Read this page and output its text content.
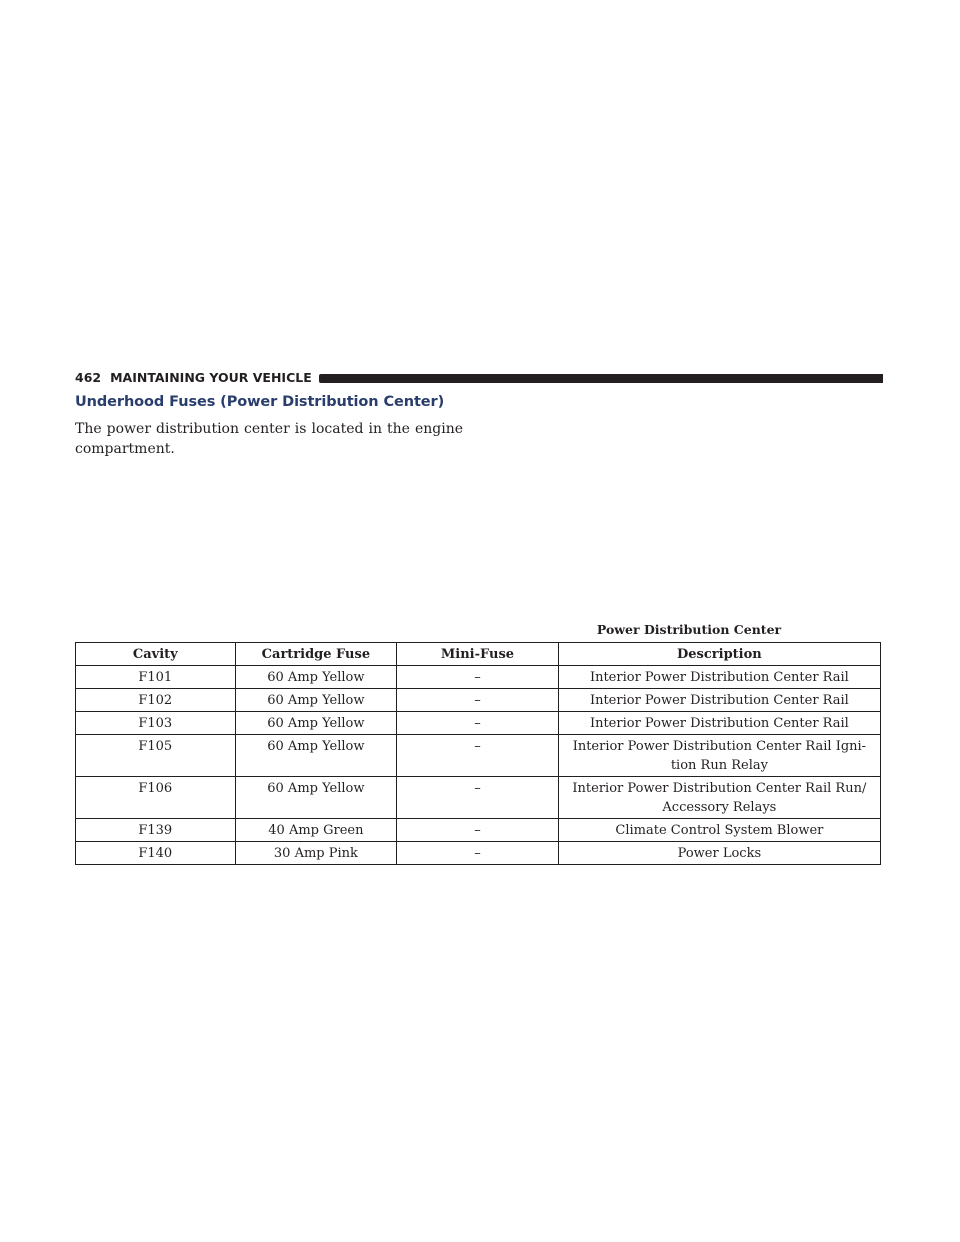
462 MAINTAINING YOUR VEHICLE
Underhood Fuses (Power Distribution Center)

The power distribution center is located in the engine

compartment.

Power Distribution Center
Cavity	Cartridge Fuse	Mini-Fuse	Description
F101	60 Amp Yellow	–	Interior Power Distribution Center Rail
F102	60 Amp Yellow	–	Interior Power Distribution Center Rail
F103	60 Amp Yellow	–	Interior Power Distribution Center Rail
F105	60 Amp Yellow	–	Interior Power Distribution Center Rail Igni-
tion Run Relay
F106	60 Amp Yellow	–	Interior Power Distribution Center Rail Run/
Accessory Relays
F139	40 Amp Green	–	Climate Control System Blower
F140	30 Amp Pink	–	Power Locks
